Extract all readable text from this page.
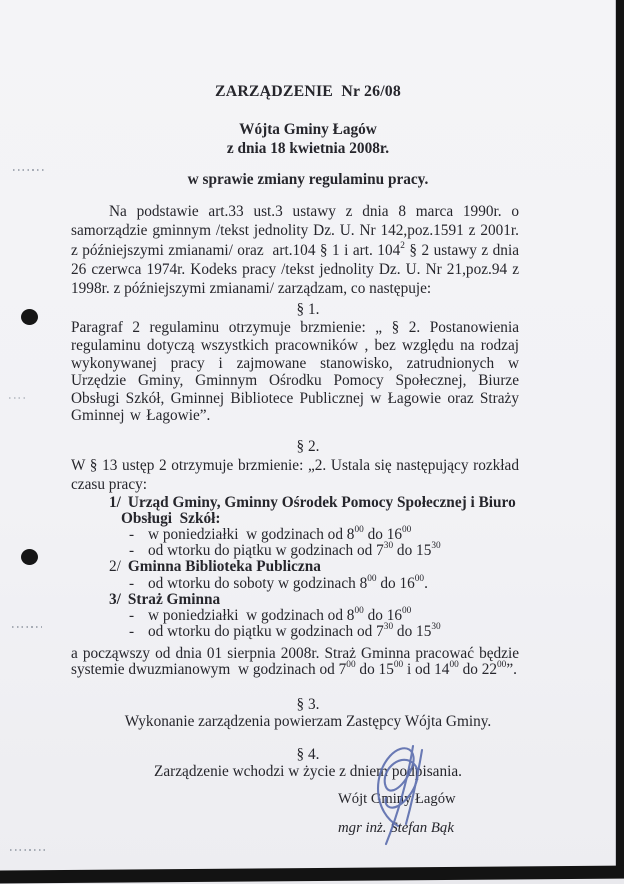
ZARZĄDZENIE  Nr 26/08
Wójta Gminy Łagów
z dnia 18 kwietnia 2008r.
w sprawie zmiany regulaminu pracy.

Na podstawie art.33 ust.3 ustawy z dnia 8 marca 1990r. o samorządzie gminnym /tekst jednolity Dz. U. Nr 142,poz.1591 z 2001r. z późniejszymi zmianami/ oraz  art.104 § 1 i art. $104^2$ § 2 ustawy z dnia 26 czerwca 1974r. Kodeks pracy /tekst jednolity Dz. U. Nr 21,poz.94 z 1998r. z późniejszymi zmianami/ zarządzam, co następuje:

§ 1.

Paragraf 2 regulaminu otrzymuje brzmienie: „ § 2. Postanowienia regulaminu dotyczą wszystkich pracowników , bez względu na rodzaj wykonywanej pracy i zajmowane stanowisko, zatrudnionych w Urzędzie Gminy, Gminnym Ośrodku Pomocy Społecznej, Biurze Obsługi Szkół, Gminnej Bibliotece Publicznej w Łagowie oraz Straży Gminnej w Łagowie”.

§ 2.

W § 13 ustęp 2 otrzymuje brzmienie: „2. Ustala się następujący rozkład czasu pracy:

1/ Urząd Gminy, Gminny Ośrodek Pomocy Społecznej i Biuro Obsługi  Szkół:
- w poniedziałki  w godzinach od $8^{00}$ do $16^{00}$
- od wtorku do piątku w godzinach od $7^{30}$ do $15^{30}$
2/ Gminna Biblioteka Publiczna
- od wtorku do soboty w godzinach $8^{00}$ do $16^{00}$.
3/ Straż Gminna
- w poniedziałki  w godzinach od $8^{00}$ do $16^{00}$
- od wtorku do piątku w godzinach od $7^{30}$ do $15^{30}$

a począwszy od dnia 01 sierpnia 2008r. Straż Gminna pracować będzie systemie dwuzmianowym  w godzinach od $7^{00}$ do $15^{00}$ i od $14^{00}$ do $22^{00}$”.

§ 3.
Wykonanie zarządzenia powierzam Zastępcy Wójta Gminy.
§ 4.
Zarządzenie wchodzi w życie z dniem podpisania.
Wójt Gminy Łagów
mgr inż. Stefan Bąk
